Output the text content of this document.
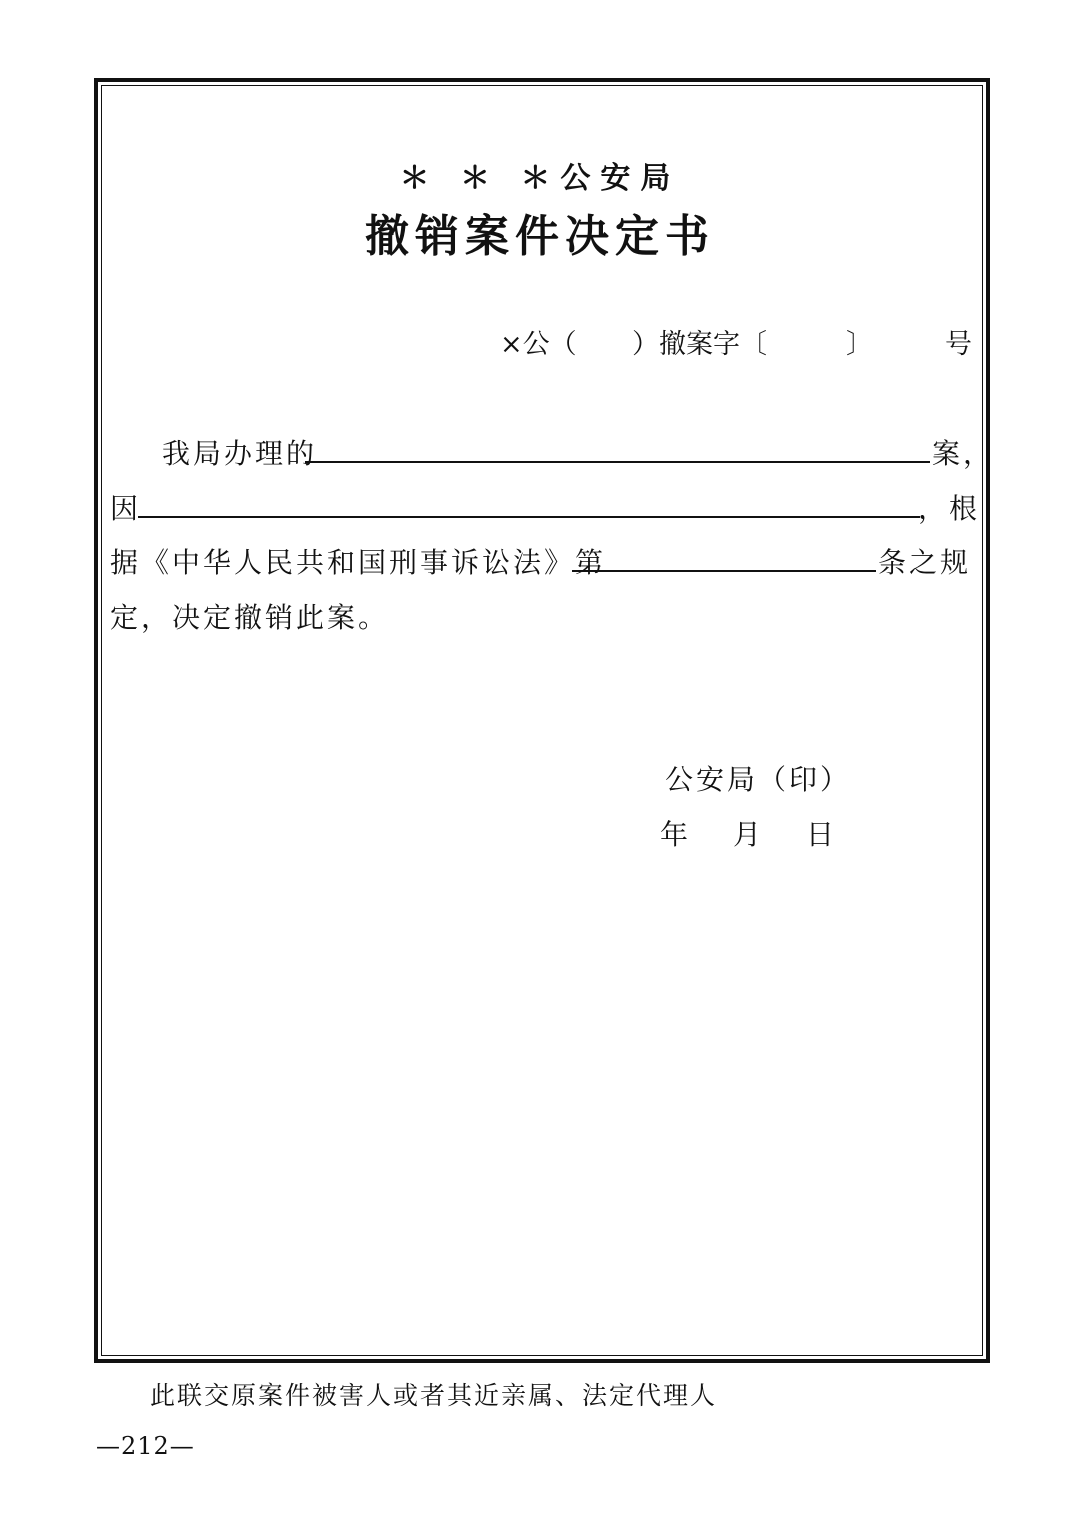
＊ ＊ ＊公安局
撤销案件决定书
×公（ ）撤案字〔	〕	号
我局办理的	案，
因	，根
据《中华人民共和国刑事诉讼法》第	条之规
定，决定撤销此案。
公安局（印）
年 月 日
此联交原案件被害人或者其近亲属、法定代理人
—212—
